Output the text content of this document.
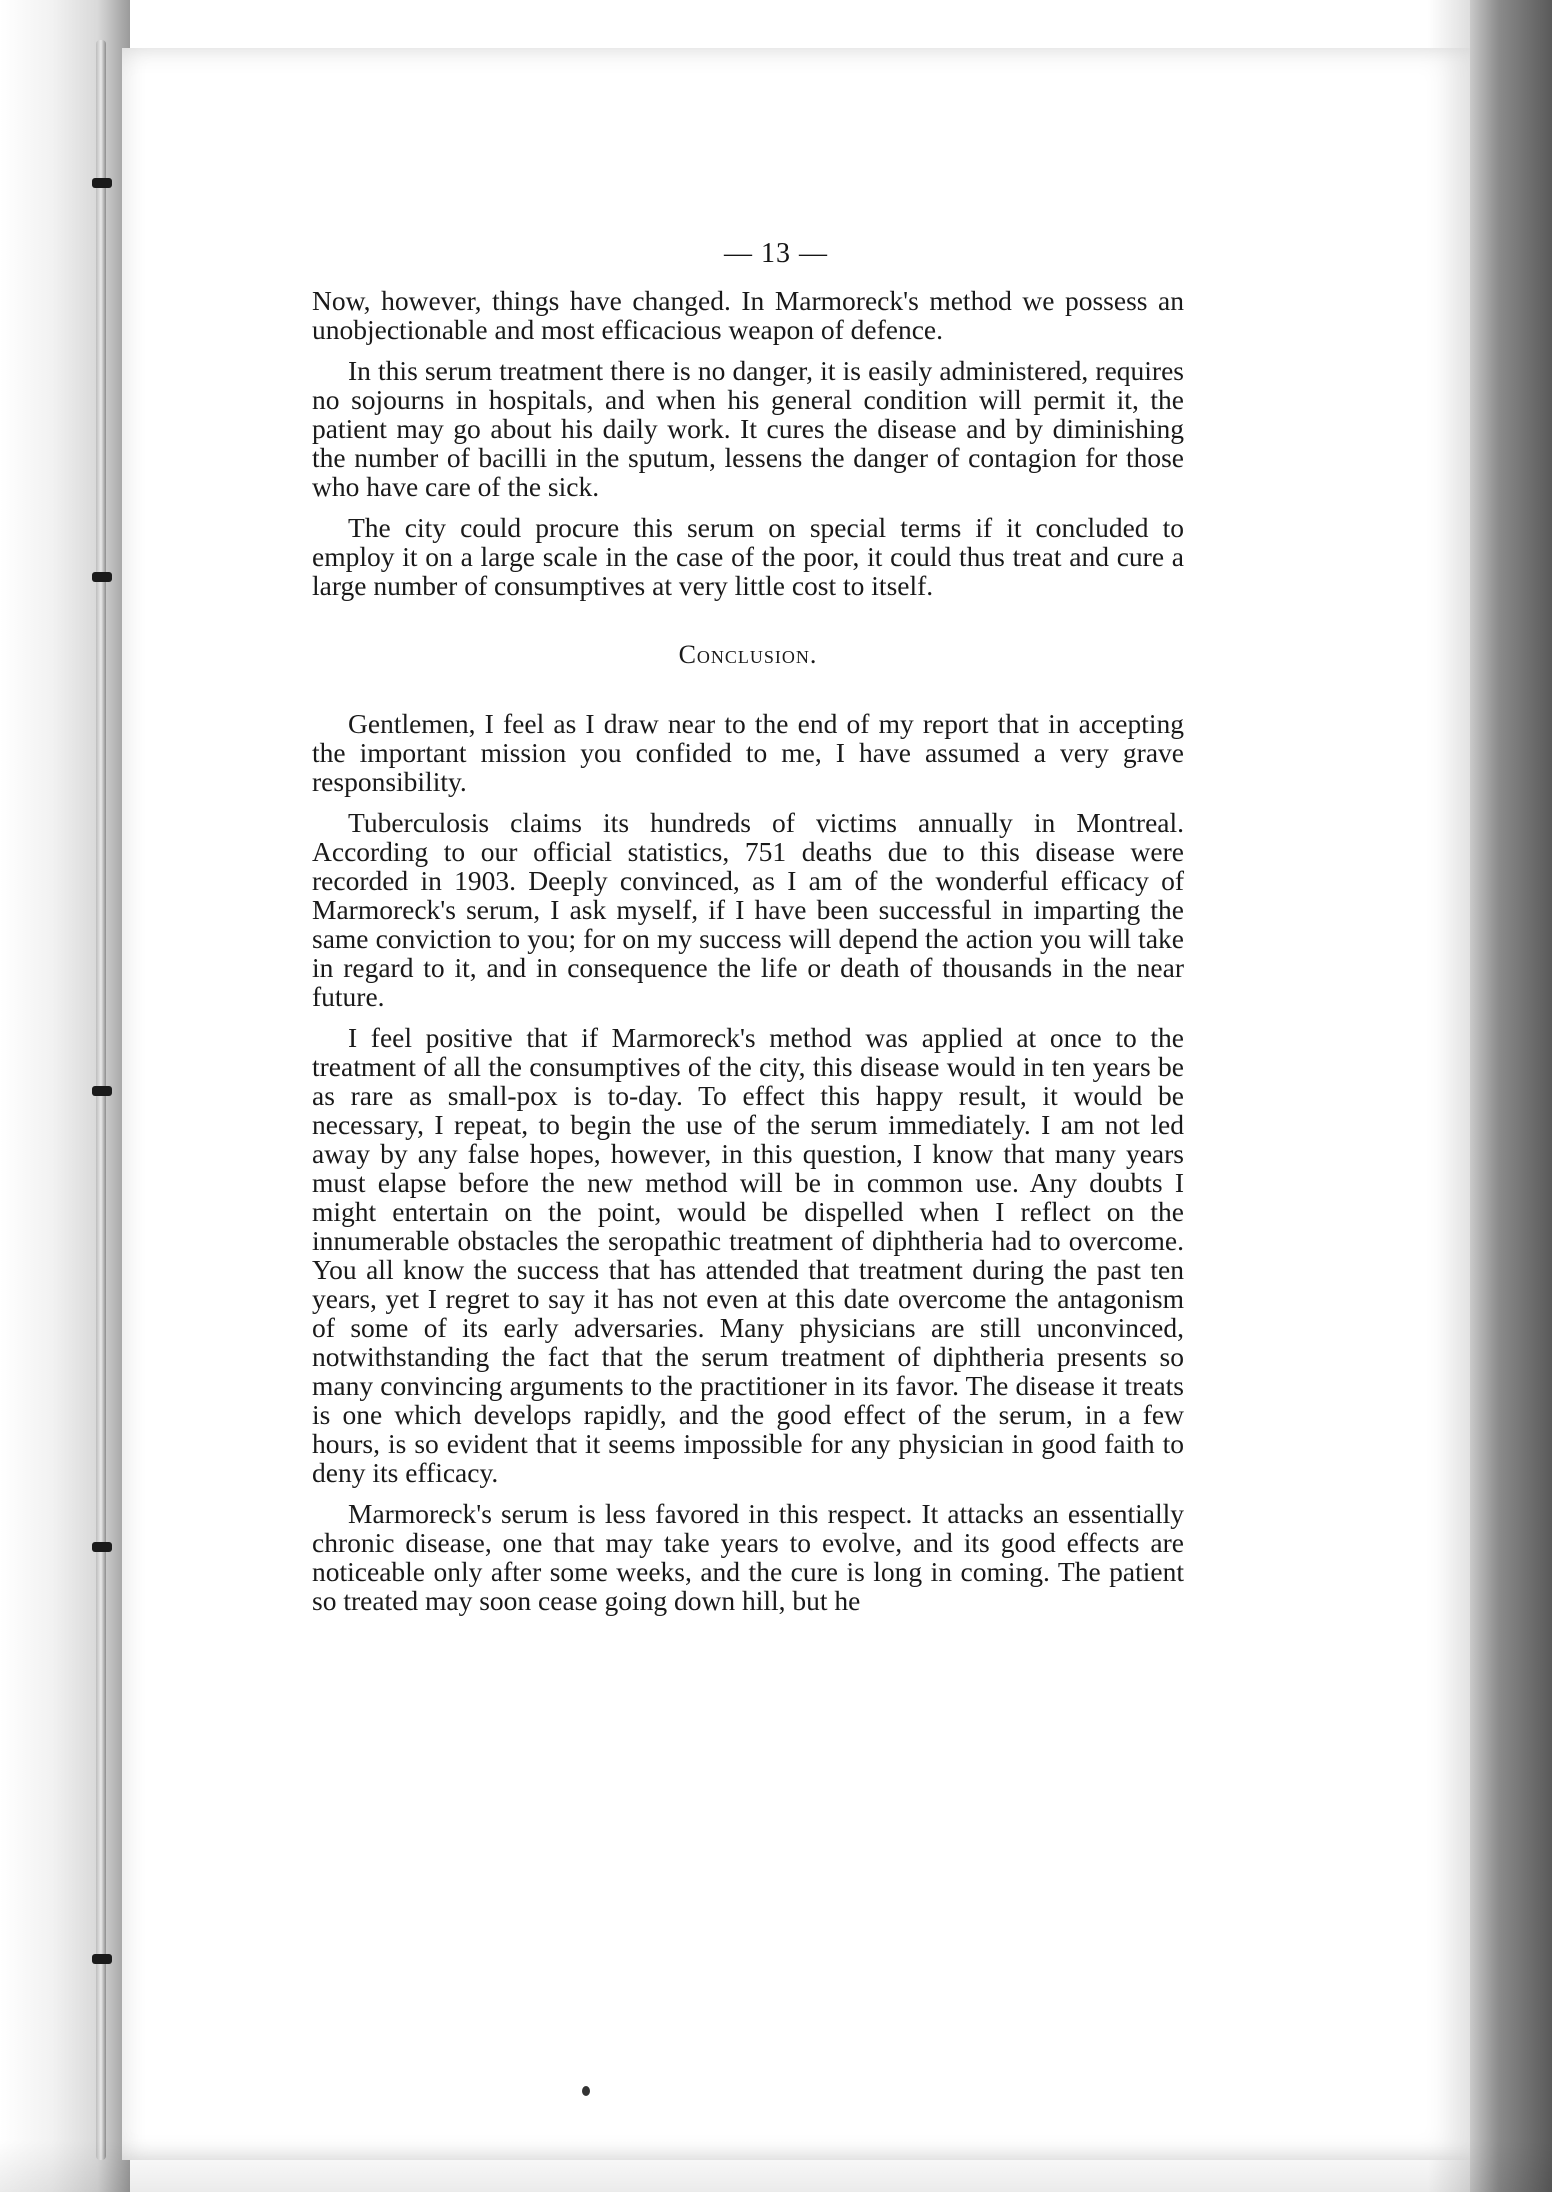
— 13 —

Now, however, things have changed. In Marmoreck's method we possess an unobjectionable and most efficacious weapon of defence.

In this serum treatment there is no danger, it is easily administered, requires no sojourns in hospitals, and when his general condition will permit it, the patient may go about his daily work. It cures the disease and by diminishing the number of bacilli in the sputum, lessens the danger of contagion for those who have care of the sick.

The city could procure this serum on special terms if it concluded to employ it on a large scale in the case of the poor, it could thus treat and cure a large number of consumptives at very little cost to itself.

Conclusion.

Gentlemen, I feel as I draw near to the end of my report that in accepting the important mission you confided to me, I have assumed a very grave responsibility.

Tuberculosis claims its hundreds of victims annually in Montreal. According to our official statistics, 751 deaths due to this disease were recorded in 1903. Deeply convinced, as I am of the wonderful efficacy of Marmoreck's serum, I ask myself, if I have been successful in imparting the same conviction to you; for on my success will depend the action you will take in regard to it, and in consequence the life or death of thousands in the near future.

I feel positive that if Marmoreck's method was applied at once to the treatment of all the consumptives of the city, this disease would in ten years be as rare as small-pox is to-day. To effect this happy result, it would be necessary, I repeat, to begin the use of the serum immediately. I am not led away by any false hopes, however, in this question, I know that many years must elapse before the new method will be in common use. Any doubts I might entertain on the point, would be dispelled when I reflect on the innumerable obstacles the seropathic treatment of diphtheria had to overcome. You all know the success that has attended that treatment during the past ten years, yet I regret to say it has not even at this date overcome the antagonism of some of its early adversaries. Many physicians are still unconvinced, notwithstanding the fact that the serum treatment of diphtheria presents so many convincing arguments to the practitioner in its favor. The disease it treats is one which develops rapidly, and the good effect of the serum, in a few hours, is so evident that it seems impossible for any physician in good faith to deny its efficacy.

Marmoreck's serum is less favored in this respect. It attacks an essentially chronic disease, one that may take years to evolve, and its good effects are noticeable only after some weeks, and the cure is long in coming. The patient so treated may soon cease going down hill, but he
